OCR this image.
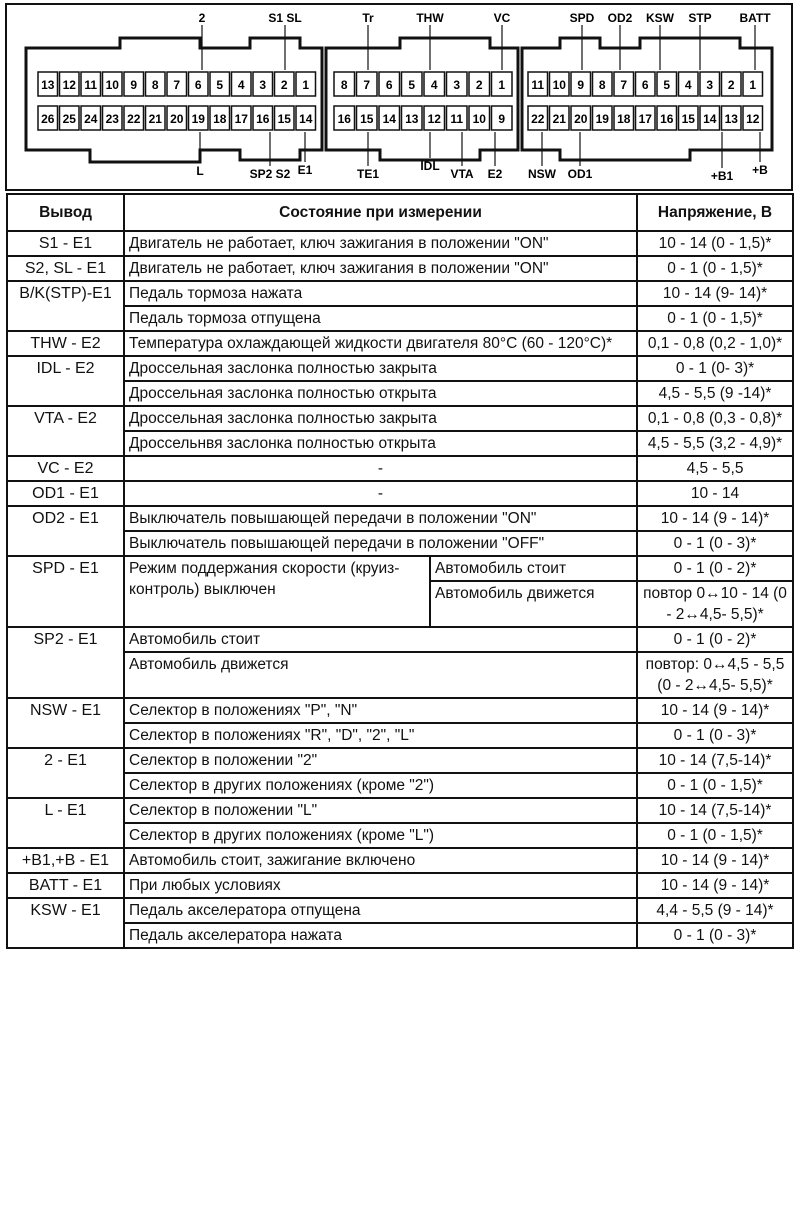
13 12 11 10 9 8 7 6 5 4 3 2 1
26 25 24 23 22 21 20 19 18 17 16 15 14
8 7 6 5 4 3 2 1
16 15 14 13 12 11 10 9
11 10 9 8 7 6 5 4 3 2 1
22 21 20 19 18 17 16 15 14 13 12
2	S1 SL	Tr	THW	VC	SPD OD2 KSW STP BATT
L	SP2 S2 E1	TE1
IDL
VTA E2 NSW OD1	+B1 +B
Вывод	Состояние при измерении		Напряжение, В
S1 - E1	Двигатель не работает, ключ зажигания в положении "ON"		10 - 14 (0 - 1,5)*
S2, SL - E1	Двигатель не работает, ключ зажигания в положении "ON"		0 - 1 (0 - 1,5)*
B/K(STP)-E1	Педаль тормоза нажата		10 - 14 (9- 14)*
	Педаль тормоза отпущена		0 - 1 (0 - 1,5)*
THW - E2	Температура охлаждающей жидкости двигателя 80°C (60 - 120°C)*		0,1 - 0,8 (0,2 - 1,0)*
IDL - E2	Дроссельная заслонка полностью закрыта		0 - 1 (0- 3)*
	Дроссельная заслонка полностью открыта		4,5 - 5,5 (9 -14)*
VTA - E2	Дроссельная заслонка полностью закрыта		0,1 - 0,8 (0,3 - 0,8)*
	Дроссельнвя заслонка полностью открыта		4,5 - 5,5 (3,2 - 4,9)*
VC - E2	-		4,5 - 5,5
OD1 - E1	-		10 - 14
OD2 - E1	Выключатель повышающей передачи в положении "ON"		10 - 14 (9 - 14)*
	Выключатель повышающей передачи в положении "OFF"		0 - 1 (0 - 3)*
SPD - E1	Режим поддержания скорости (круиз-контроль) выключен	Автомобиль стоит	0 - 1 (0 - 2)*
		Автомобиль движется	повтор 0↔10 - 14 (0 - 2↔4,5- 5,5)*
SP2 - E1	Автомобиль стоит		0 - 1 (0 - 2)*
	Автомобиль движется		повтор: 0↔4,5 - 5,5 (0 - 2↔4,5- 5,5)*
NSW - E1	Селектор в положениях "P", "N"		10 - 14 (9 - 14)*
	Селектор в положениях "R", "D", "2", "L"		0 - 1 (0 - 3)*
2 - E1	Селектор в положении "2"		10 - 14 (7,5-14)*
	Селектор в других положениях (кроме "2")		0 - 1 (0 - 1,5)*
L - E1	Селектор в положении "L"		10 - 14 (7,5-14)*
	Селектор в других положениях (кроме "L")		0 - 1 (0 - 1,5)*
+B1,+B - E1	Автомобиль стоит, зажигание включено		10 - 14 (9 - 14)*
BATT - E1	При любых условиях		10 - 14 (9 - 14)*
KSW - E1	Педаль акселератора отпущена		4,4 - 5,5 (9 - 14)*
	Педаль акселератора нажата		0 - 1 (0 - 3)*
